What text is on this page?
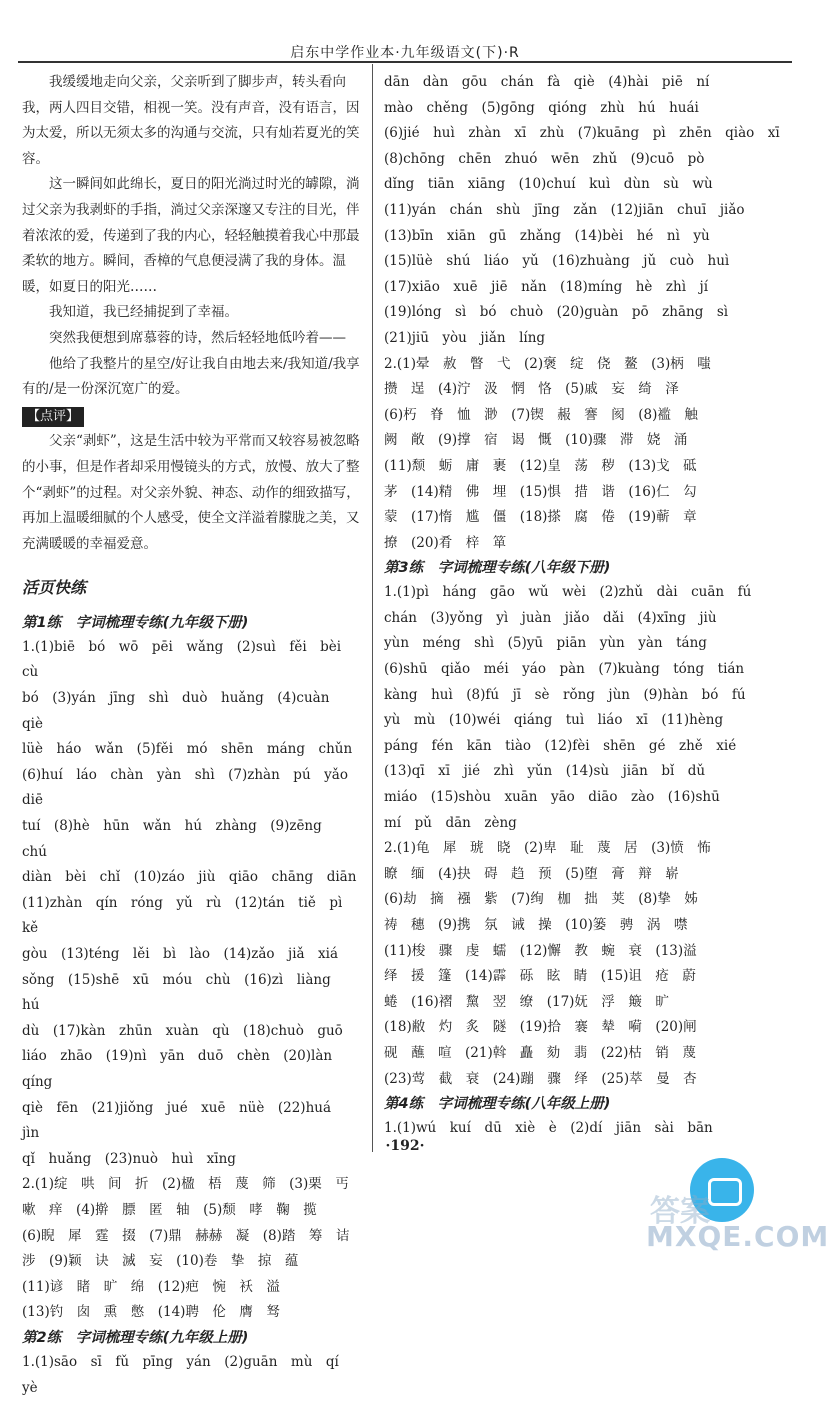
启东中学作业本·九年级语文(下)·R

我缓缓地走向父亲，父亲听到了脚步声，转头看向我，两人四目交错，相视一笑。没有声音，没有语言，因为太爱，所以无须太多的沟通与交流，只有灿若夏光的笑容。

这一瞬间如此绵长，夏日的阳光淌过时光的罅隙，淌过父亲为我剥虾的手指，淌过父亲深邃又专注的目光，伴着浓浓的爱，传递到了我的内心，轻轻触摸着我心中那最柔软的地方。瞬间，香樟的气息便浸满了我的身体。温暖，如夏日的阳光……

我知道，我已经捕捉到了幸福。

突然我便想到席慕蓉的诗，然后轻轻地低吟着——

他给了我整片的星空/好让我自由地去来/我知道/我享有的/是一份深沉宽广的爱。

【点评】

父亲“剥虾”，这是生活中较为平常而又较容易被忽略的小事，但是作者却采用慢镜头的方式，放慢、放大了整个“剥虾”的过程。对父亲外貌、神态、动作的细致描写，再加上温暖细腻的个人感受，使全文洋溢着朦胧之美，又充满暖暖的幸福爱意。

活页快练

第1练　字词梳理专练(九年级下册)

1.(1)biē　bó　wō　pēi　wǎng　(2)suì　fěi　bèi　cù

bó　(3)yán　jīng　shì　duò　huǎng　(4)cuàn　qiè

lüè　háo　wǎn　(5)fěi　mó　shēn　máng　chǔn

(6)huí　láo　chàn　yàn　shì　(7)zhàn　pú　yǎo　diē

tuí　(8)hè　hūn　wǎn　hú　zhàng　(9)zēng　chú

diàn　bèi　chǐ　(10)záo　jiù　qiāo　chāng　diān

(11)zhàn　qín　róng　yǔ　rù　(12)tán　tiě　pì　kě

gòu　(13)téng　lěi　bì　lào　(14)zǎo　jiǎ　xiá

sǒng　(15)shē　xū　móu　chù　(16)zì　liàng　hú

dù　(17)kàn　zhūn　xuàn　qù　(18)chuò　guō

liáo　zhāo　(19)nì　yān　duō　chèn　(20)làn　qíng

qiè　fēn　(21)jiǒng　jué　xuē　nüè　(22)huá　jìn

qǐ　huǎng　(23)nuò　huì　xīng

2.(1)绽　哄　间　折　(2)楹　梧　蔑　筛　(3)栗　丐

嗽　痒　(4)擀　膘　匿　轴　(5)颓　哮　鞠　揽

(6)睨　犀　霆　掇　(7)鼎　赫赫　凝　(8)踏　筹　诘

涉　(9)颖　诀　滅　妄　(10)卷　挚　掠　蕴

(11)谚　睹　旷　绵　(12)疤　惋　袄　溢

(13)钓　囱　熏　憋　(14)聘　伦　膺　驽

第2练　字词梳理专练(九年级上册)

1.(1)sāo　sī　fǔ　pīng　yán　(2)guān　mù　qí　yè

dān　dàn　gōu　chán　fà　qiè　(4)hài　piē　ní

mào　chěng　(5)gōng　qióng　zhù　hú　huái

(6)jié　huì　zhàn　xī　zhù　(7)kuāng　pì　zhēn　qiào　xī

(8)chōng　chēn　zhuó　wēn　zhǔ　(9)cuō　pò

dǐng　tiān　xiāng　(10)chuí　kuì　dùn　sù　wù

(11)yán　chán　shù　jīng　zǎn　(12)jiān　chuī　jiǎo

(13)bīn　xiān　gū　zhǎng　(14)bèi　hé　nì　yù

(15)lüè　shú　liáo　yǔ　(16)zhuàng　jǔ　cuò　huì

(17)xiāo　xuē　jiē　nǎn　(18)míng　hè　zhì　jí

(19)lóng　sì　bó　chuò　(20)guàn　pō　zhāng　sì

(21)jiū　yòu　jiǎn　líng

2.(1)晕　赦　瞥　弋　(2)褒　绽　侥　鳌　(3)柄　嗤

攒　逞　(4)泞　汲　惘　恪　(5)戚　妄　绮　泽

(6)朽　脊　恤　渺　(7)锲　赧　謇　阂　(8)褴　触

阙　敞　(9)撑　宿　谒　慨　(10)骤　滞　娆　涌

(11)颓　蛎　庸　裹　(12)皇　荡　秽　(13)戈　砥

茅　(14)精　佛　埋　(15)惧　措　谐　(16)仁　勾

蒙　(17)惰　尴　僵　(18)搽　腐　倦　(19)蕲　章

撩　(20)肴　梓　箪

第3练　字词梳理专练(八年级下册)

1.(1)pì　háng　gāo　wǔ　wèi　(2)zhǔ　dài　cuān　fú

chán　(3)yǒng　yì　juàn　jiǎo　dǎi　(4)xīng　jiù

yùn　méng　shì　(5)yū　piān　yùn　yàn　táng

(6)shū　qiǎo　méi　yáo　pàn　(7)kuàng　tóng　tián

kàng　huì　(8)fú　jī　sè　rǒng　jùn　(9)hàn　bó　fú

yù　mù　(10)wéi　qiáng　tuì　liáo　xī　(11)hèng

páng　fén　kān　tiào　(12)fèi　shēn　gé　zhě　xié

(13)qī　xī　jié　zhì　yǔn　(14)sù　jiān　bǐ　dǔ

miáo　(15)shòu　xuān　yāo　diāo　zào　(16)shū

mí　pǔ　dān　zèng

2.(1)龟　犀　琥　晓　(2)卑　耻　蔑　居　(3)愤　怖

瞭　缅　(4)抉　碍　趋　预　(5)堕　膏　辩　崭

(6)劫　摘　襁　紫　(7)绚　枷　拙　荚　(8)挚　姊

祷　穗　(9)携　氛　诫　操　(10)篓　骋　涡　噤

(11)梭　骤　虔　蠕　(12)懈　教　蜿　衰　(13)溢

绎　援　篷　(14)霹　砾　眩　睛　(15)诅　疮　蔚

蜷　(16)褶　黧　翌　缭　(17)妩　浮　簸　旷

(18)敝　灼　炙　隧　(19)拾　褰　辇　嗬　(20)闸

砚　蘸　喧　(21)斡　矗　劾　翡　(22)枯　销　蔑

(23)莺　截　衰　(24)蹦　骤　绎　(25)萃　曼　杏

第4练　字词梳理专练(八年级上册)

1.(1)wú　kuí　dū　xiè　è　(2)dí　jiān　sài　bān

·192·
答案
MXQE.COM
